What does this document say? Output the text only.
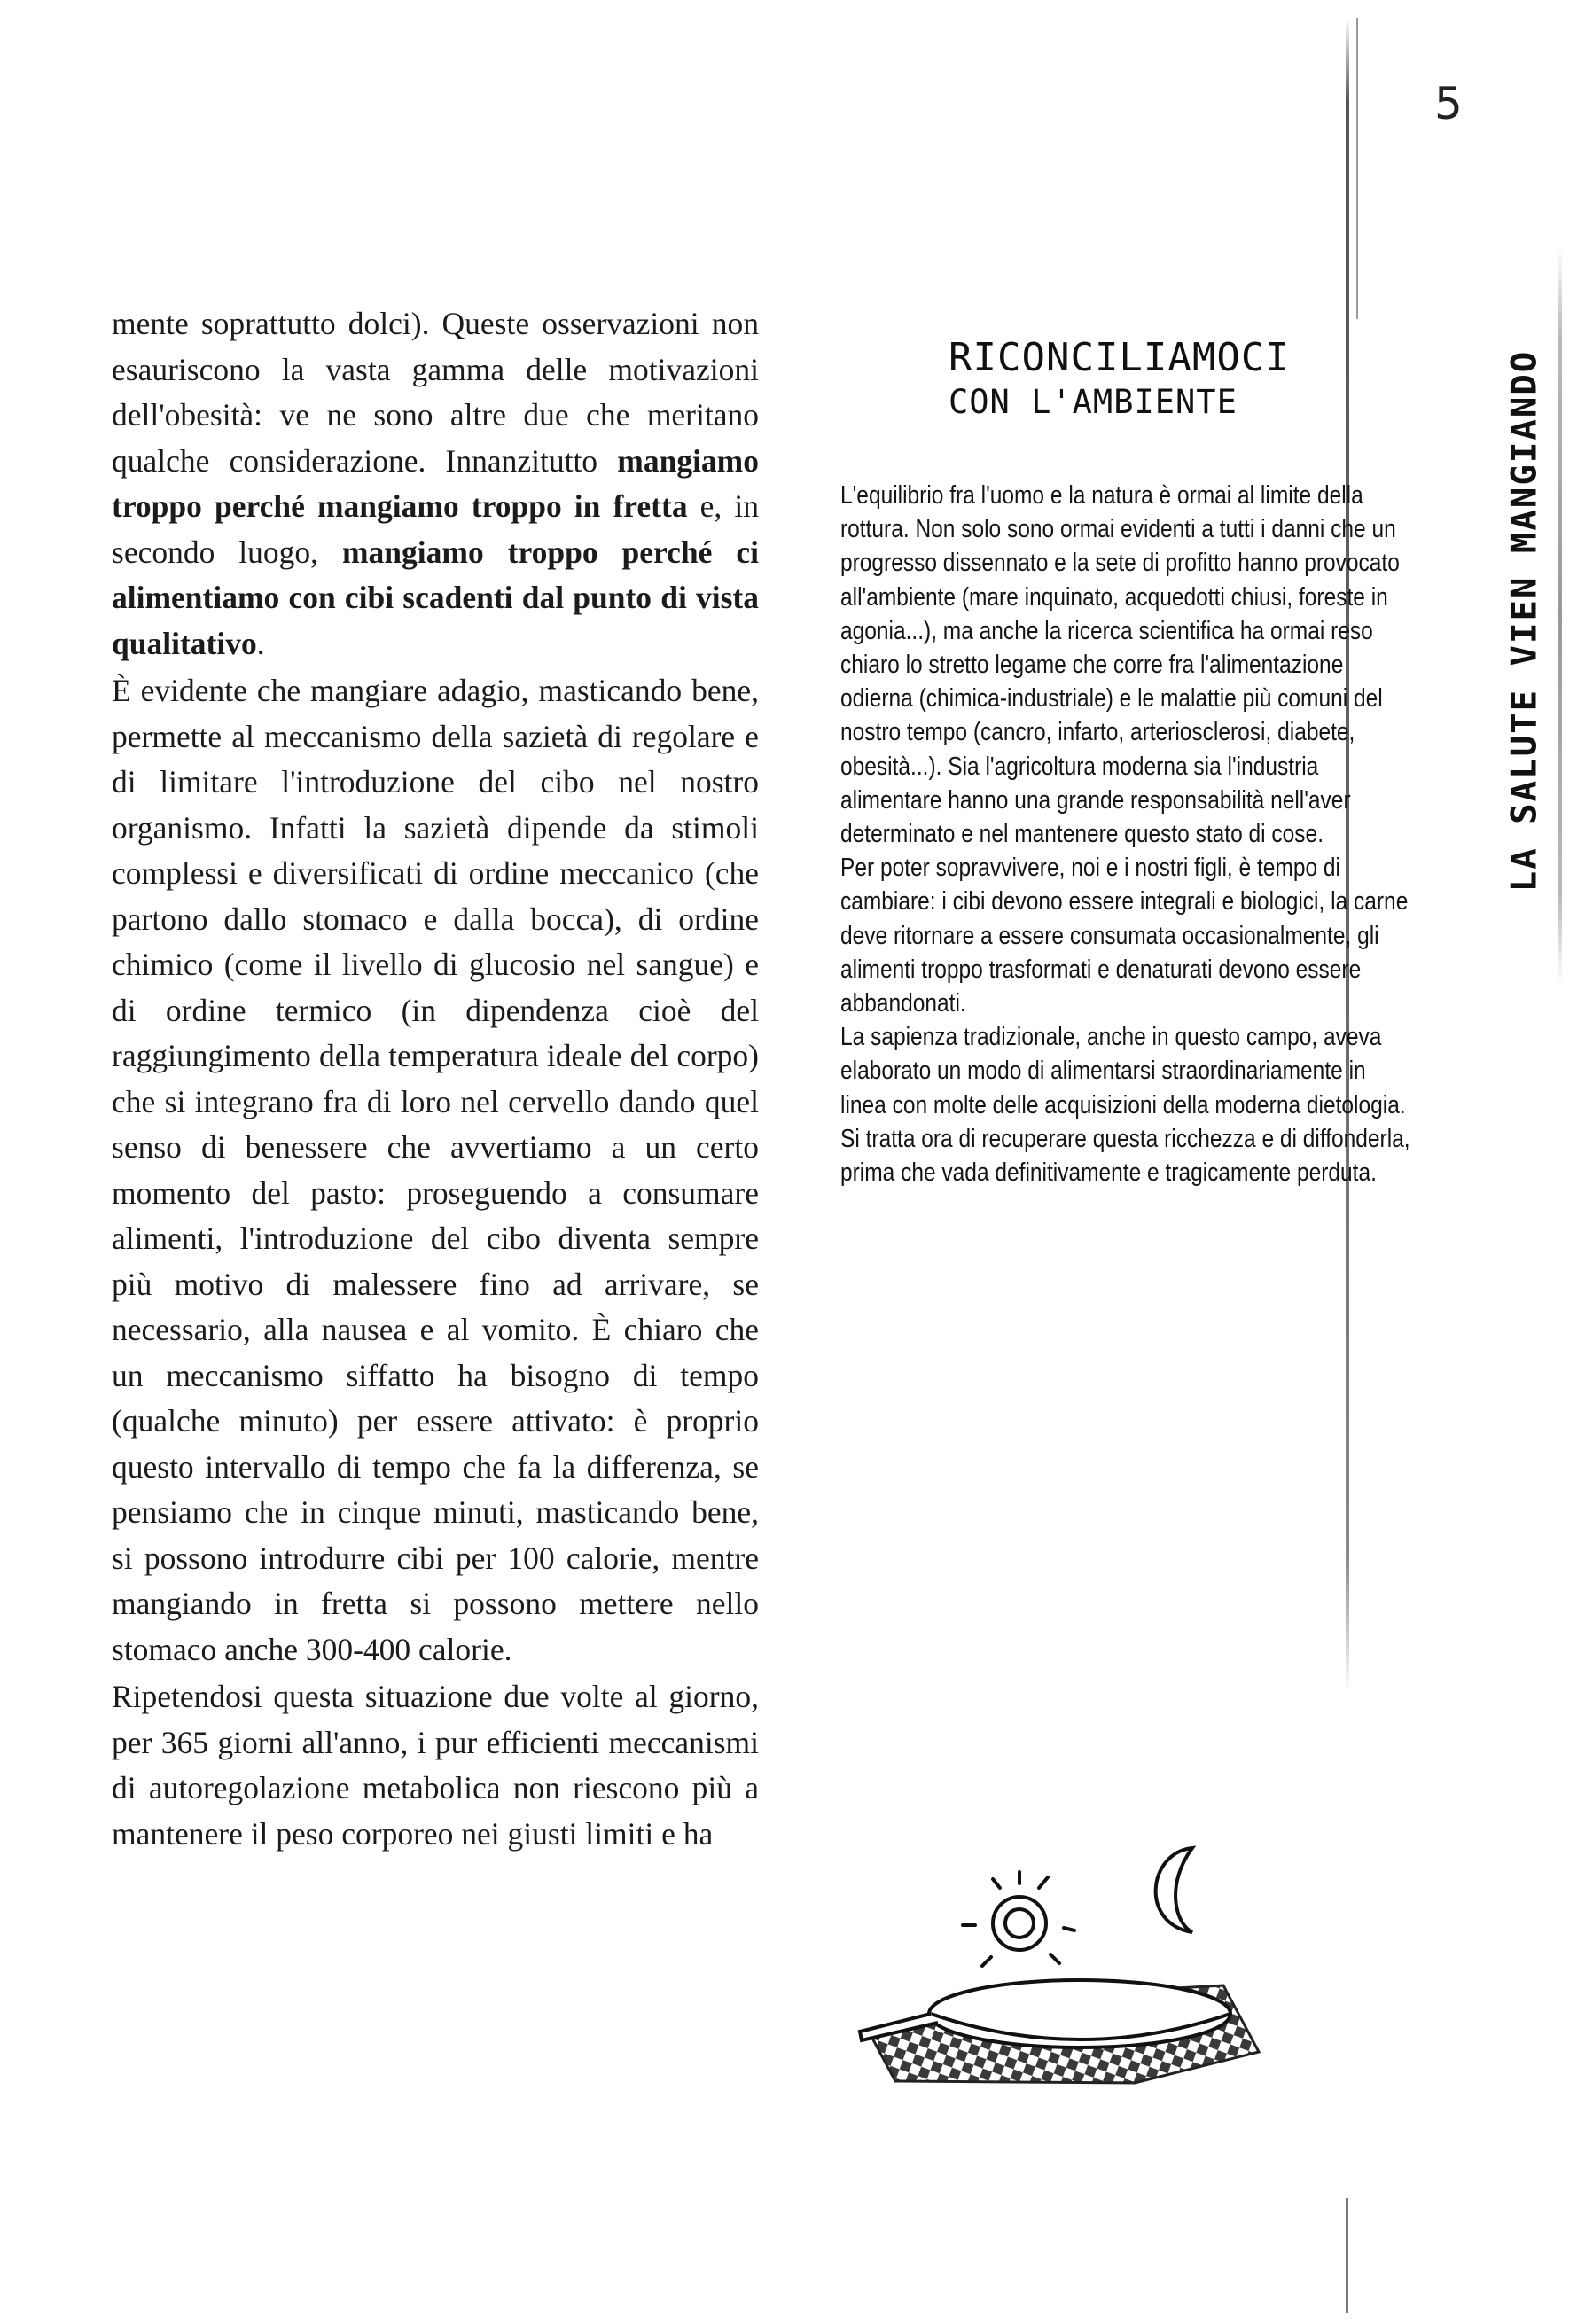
5
LA SALUTE VIEN MANGIANDO

mente soprattutto dolci). Queste osservazioni non esauriscono la vasta gamma delle motivazioni dell'obesità: ve ne sono altre due che meritano qualche considerazione. Innanzitutto mangiamo troppo perché mangiamo troppo in fretta e, in secondo luogo, mangiamo troppo perché ci alimentiamo con cibi scadenti dal punto di vista qualitativo.

È evidente che mangiare adagio, masticando bene, permette al meccanismo della sazietà di regolare e di limitare l'introduzione del cibo nel nostro organismo. Infatti la sazietà dipende da stimoli complessi e diversificati di ordine meccanico (che partono dallo stomaco e dalla bocca), di ordine chimico (come il livello di glucosio nel sangue) e di ordine termico (in dipendenza cioè del raggiungimento della temperatura ideale del corpo) che si integrano fra di loro nel cervello dando quel senso di benessere che avvertiamo a un certo momento del pasto: proseguendo a consumare alimenti, l'introduzione del cibo diventa sempre più motivo di malessere fino ad arrivare, se necessario, alla nausea e al vomito. È chiaro che un meccanismo siffatto ha bisogno di tempo (qualche minuto) per essere attivato: è proprio questo intervallo di tempo che fa la differenza, se pensiamo che in cinque minuti, masticando bene, si possono introdurre cibi per 100 calorie, mentre mangiando in fretta si possono mettere nello stomaco anche 300-400 calorie.

Ripetendosi questa situazione due volte al giorno, per 365 giorni all'anno, i pur efficienti meccanismi di autoregolazione metabolica non riescono più a mantenere il peso corporeo nei giusti limiti e ha

RICONCILIAMOCI
CON L'AMBIENTE

L'equilibrio fra l'uomo e la natura è ormai al limite della rottura. Non solo sono ormai evidenti a tutti i danni che un progresso dissennato e la sete di profitto hanno provocato all'ambiente (mare inquinato, acquedotti chiusi, foreste in agonia...), ma anche la ricerca scientifica ha ormai reso chiaro lo stretto legame che corre fra l'alimentazione odierna (chimica-industriale) e le malattie più comuni del nostro tempo (cancro, infarto, arteriosclerosi, diabete, obesità...). Sia l'agricoltura moderna sia l'industria alimentare hanno una grande responsabilità nell'aver determinato e nel mantenere questo stato di cose.

Per poter sopravvivere, noi e i nostri figli, è tempo di cambiare: i cibi devono essere integrali e biologici, la carne deve ritornare a essere consumata occasionalmente, gli alimenti troppo trasformati e denaturati devono essere abbandonati.

La sapienza tradizionale, anche in questo campo, aveva elaborato un modo di alimentarsi straordinariamente in linea con molte delle acquisizioni della moderna dietologia.

Si tratta ora di recuperare questa ricchezza e di diffonderla, prima che vada definitivamente e tragicamente perduta.
